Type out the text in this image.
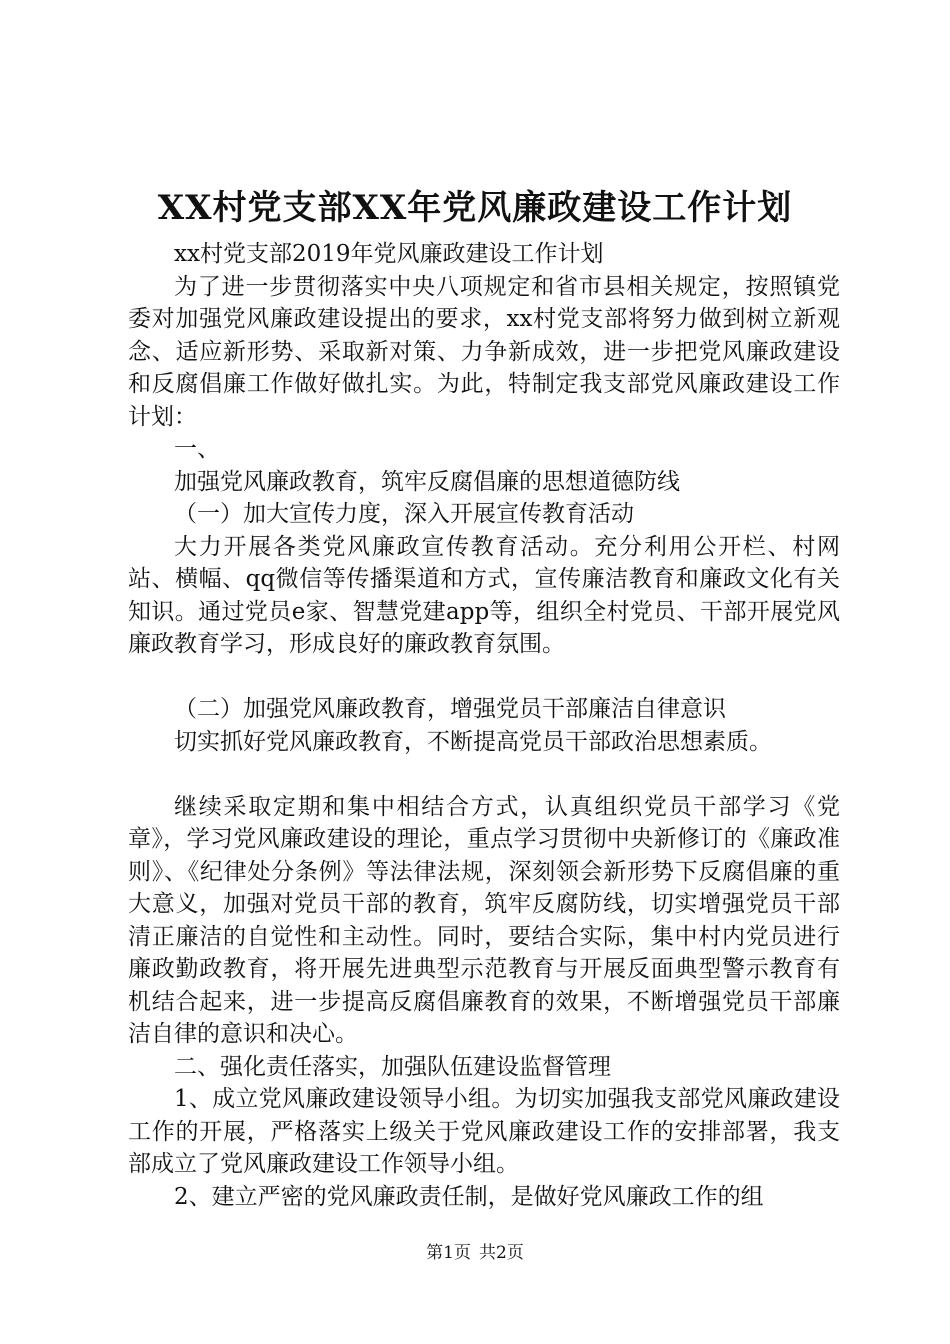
XX村党支部XX年党风廉政建设工作计划

xx村党支部2019年党风廉政建设工作计划

为了进一步贯彻落实中央八项规定和省市县相关规定，按照镇党委对加强党风廉政建设提出的要求，xx村党支部将努力做到树立新观念、适应新形势、采取新对策、力争新成效，进一步把党风廉政建设和反腐倡廉工作做好做扎实。为此，特制定我支部党风廉政建设工作计划：

一、

加强党风廉政教育，筑牢反腐倡廉的思想道德防线

（一）加大宣传力度，深入开展宣传教育活动

大力开展各类党风廉政宣传教育活动。充分利用公开栏、村网站、横幅、qq微信等传播渠道和方式，宣传廉洁教育和廉政文化有关知识。通过党员e家、智慧党建app等，组织全村党员、干部开展党风廉政教育学习，形成良好的廉政教育氛围。

（二）加强党风廉政教育，增强党员干部廉洁自律意识

切实抓好党风廉政教育，不断提高党员干部政治思想素质。

继续采取定期和集中相结合方式，认真组织党员干部学习《党章》，学习党风廉政建设的理论，重点学习贯彻中央新修订的《廉政准则》、《纪律处分条例》等法律法规，深刻领会新形势下反腐倡廉的重大意义，加强对党员干部的教育，筑牢反腐防线，切实增强党员干部清正廉洁的自觉性和主动性。同时，要结合实际，集中村内党员进行廉政勤政教育，将开展先进典型示范教育与开展反面典型警示教育有机结合起来，进一步提高反腐倡廉教育的效果，不断增强党员干部廉洁自律的意识和决心。

二、强化责任落实，加强队伍建设监督管理

1、成立党风廉政建设领导小组。为切实加强我支部党风廉政建设工作的开展，严格落实上级关于党风廉政建设工作的安排部署，我支部成立了党风廉政建设工作领导小组。

2、建立严密的党风廉政责任制，是做好党风廉政工作的组

第1页 共2页
